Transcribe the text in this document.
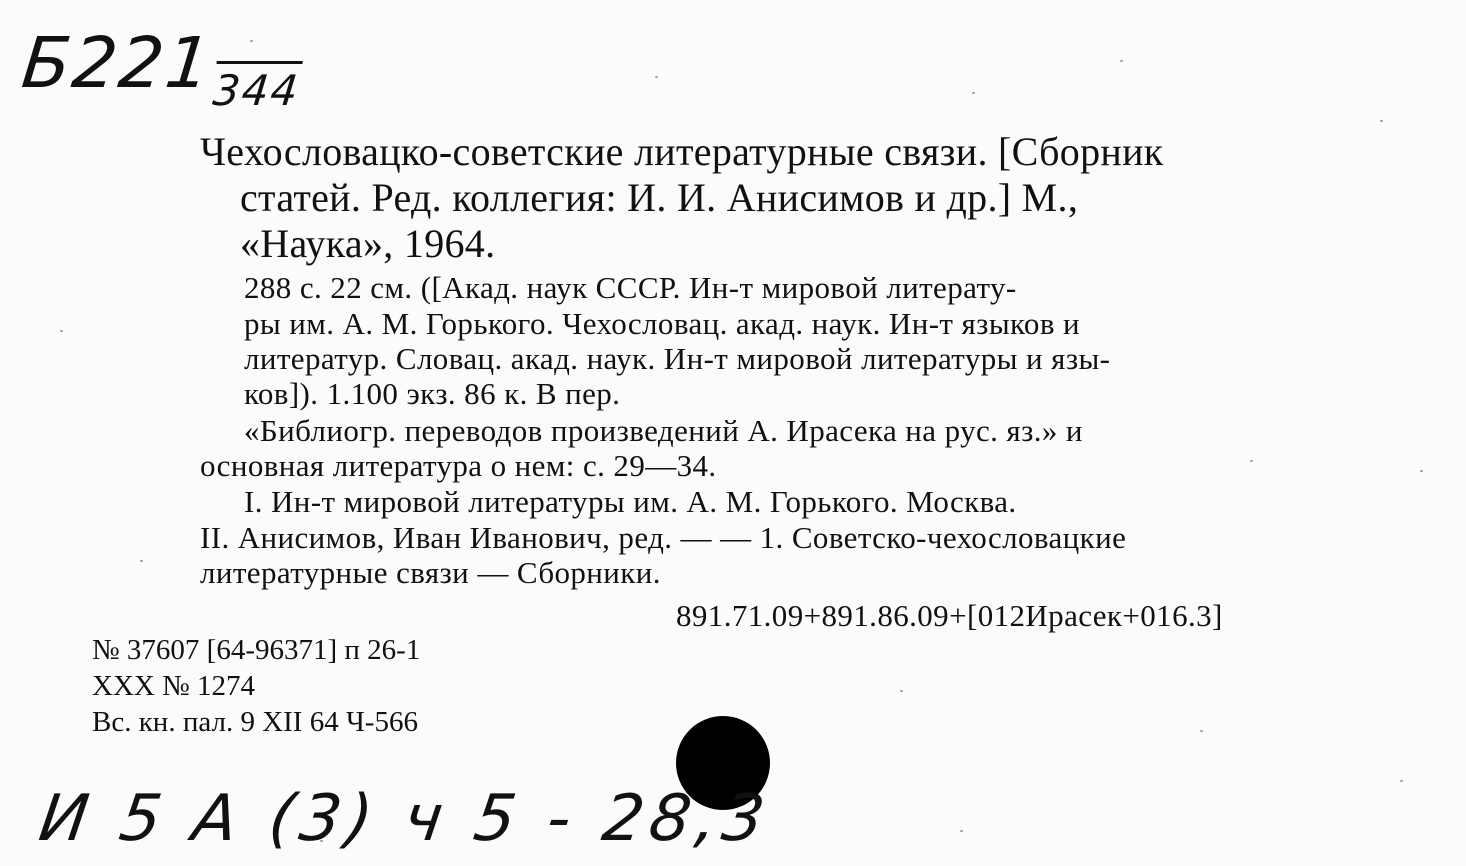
Б221344
Чехословацко-советские литературные связи. [Сборник
статей. Ред. коллегия: И. И. Анисимов и др.] М.,
«Наука», 1964.
288 с. 22 см. ([Акад. наук СССР. Ин-т мировой литерату-
ры им. А. М. Горького. Чехословац. акад. наук. Ин-т языков и
литератур. Словац. акад. наук. Ин-т мировой литературы и язы-
ков]). 1.100 экз. 86 к. В пер.
«Библиогр. переводов произведений А. Ирасека на рус. яз.» и
основная литература о нем: с. 29—34.
I. Ин-т мировой литературы им. А. М. Горького. Москва.
II. Анисимов, Иван Иванович, ред. — — 1. Советско-чехословацкие
литературные связи — Сборники.
891.71.09+891.86.09+[012Ирасек+016.3]
№ 37607 [64-96371] п 26-1
XXX № 1274
Вс. кн. пал. 9 XII 64 Ч-566
И 5 А (3) ч 5 - 28,3
